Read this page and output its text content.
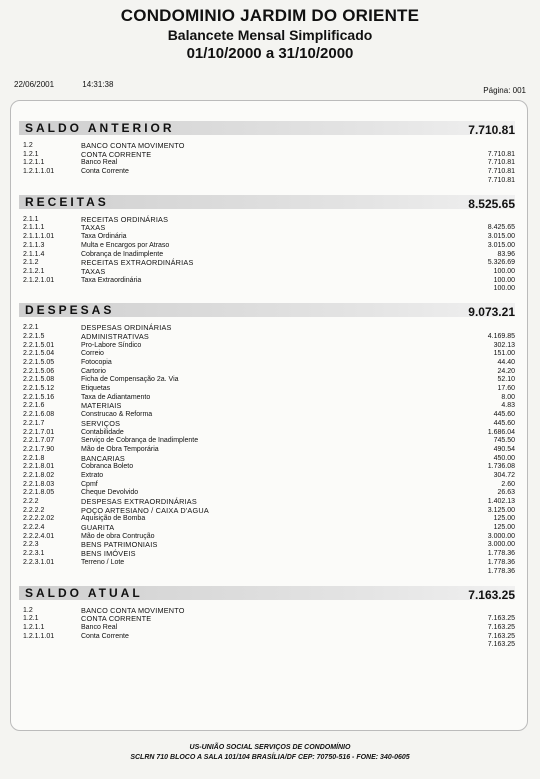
CONDOMINIO JARDIM DO ORIENTE
Balancete Mensal Simplificado
01/10/2000 a 31/10/2000
22/06/2001	14:31:38
Página: 001
SALDO ANTERIOR	7.710.81
1.2	BANCO CONTA MOVIMENTO
1.2.1	CONTA CORRENTE	7.710.81
1.2.1.1	Banco Real	7.710.81
1.2.1.1.01	Conta Corrente	7.710.81
7.710.81
RECEITAS	8.525.65
2.1.1	RECEITAS ORDINÁRIAS
2.1.1.1	TAXAS	8.425.65
2.1.1.1.01	Taxa Ordinária	3.015.00
2.1.1.3	Multa e Encargos por Atraso	3.015.00
2.1.1.4	Cobrança de Inadimplente	83.96
2.1.2	RECEITAS EXTRAORDINÁRIAS	5.326.69
2.1.2.1	TAXAS	100.00
2.1.2.1.01	Taxa Extraordinária	100.00
100.00
DESPESAS	9.073.21
2.2.1	DESPESAS ORDINÁRIAS
2.2.1.5	ADMINISTRATIVAS	4.169.85
2.2.1.5.01	Pro-Labore Síndico	302.13
2.2.1.5.04	Correio	151.00
2.2.1.5.05	Fotocopia	44.40
2.2.1.5.06	Cartorio	24.20
2.2.1.5.08	Ficha de Compensação 2a. Via	52.10
2.2.1.5.12	Etiquetas	17.60
2.2.1.5.16	Taxa de Adiantamento	8.00
2.2.1.6	MATERIAIS	4.83
2.2.1.6.08	Construcao & Reforma	445.60
2.2.1.7	SERVIÇOS	445.60
2.2.1.7.01	Contabilidade	1.686.04
2.2.1.7.07	Serviço de Cobrança de Inadimplente	745.50
2.2.1.7.90	Mão de Obra Temporária	490.54
2.2.1.8	BANCARIAS	450.00
2.2.1.8.01	Cobranca Boleto	1.736.08
2.2.1.8.02	Extrato	304.72
2.2.1.8.03	Cpmf	2.60
2.2.1.8.05	Cheque Devolvido	26.63
2.2.2	DESPESAS EXTRAORDINÁRIAS	1.402.13
2.2.2.2	POÇO ARTESIANO / CAIXA D'AGUA	3.125.00
2.2.2.2.02	Aquisição de Bomba	125.00
2.2.2.4	GUARITA	125.00
2.2.2.4.01	Mão de obra Contrução	3.000.00
2.2.3	BENS PATRIMONIAIS	3.000.00
2.2.3.1	BENS IMÓVEIS	1.778.36
2.2.3.1.01	Terreno / Lote	1.778.36
1.778.36
SALDO ATUAL	7.163.25
1.2	BANCO CONTA MOVIMENTO
1.2.1	CONTA CORRENTE	7.163.25
1.2.1.1	Banco Real	7.163.25
1.2.1.1.01	Conta Corrente	7.163.25
7.163.25
US-UNIÃO SOCIAL SERVIÇOS DE CONDOMÍNIO
SCLRN 710 BLOCO A SALA 101/104 BRASÍLIA/DF CEP: 70750-516 - FONE: 340-0605
